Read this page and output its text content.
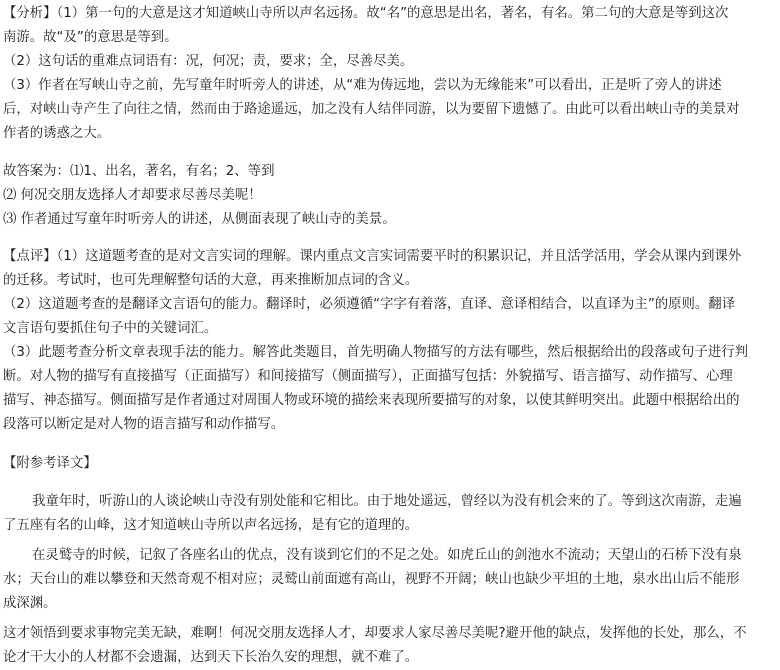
​
【分析】（1）第一句的大意是这才知道峡山寺所以声名远扬。故“名”的意思是出名，著名，有名。第二句的大意是等到这次
南游。故“及”的意思是等到。
（2）这句话的重难点词语有：况，何况；责，要求；全，尽善尽美。
（3）作者在写峡山寺之前，先写童年时听旁人的讲述，从“难为俦远地，尝以为无缘能来”可以看出，正是听了旁人的讲述
后，对峡山寺产生了向往之情，然而由于路途遥远，加之没有人结伴同游，以为要留下遗憾了。由此可以看出峡山寺的美景对
作者的诱惑之大。
故答案为：⑴1、出名，著名，有名；2、等到
⑵ 何况交朋友选择人才却要求尽善尽美呢！
⑶ 作者通过写童年时听旁人的讲述，从侧面表现了峡山寺的美景。
【点评】（1）这道题考查的是对文言实词的理解。课内重点文言实词需要平时的积累识记，并且活学活用，学会从课内到课外
的迁移。考试时，也可先理解整句话的大意，再来推断加点词的含义。
（2）这道题考查的是翻译文言语句的能力。翻译时，必须遵循“字字有着落，直译、意译相结合，以直译为主”的原则。翻译
文言语句要抓住句子中的关键词汇。
（3）此题考查分析文章表现手法的能力。解答此类题目，首先明确人物描写的方法有哪些，然后根据给出的段落或句子进行判
断。对人物的描写有直接描写（正面描写）和间接描写（侧面描写），正面描写包括：外貌描写、语言描写、动作描写、心理
描写、神态描写。侧面描写是作者通过对周围人物或环境的描绘来表现所要描写的对象，以使其鲜明突出。此题中根据给出的
段落可以断定是对人物的语言描写和动作描写。
【附参考译文】
我童年时，听游山的人谈论峡山寺没有别处能和它相比。由于地处遥远，曾经以为没有机会来的了。等到这次南游，走遍
了五座有名的山峰，这才知道峡山寺所以声名远扬，是有它的道理的。
在灵鹫寺的时候，记叙了各座名山的优点，没有谈到它们的不足之处。如虎丘山的剑池水不流动；天望山的石桥下没有泉
水；天台山的难以攀登和天然奇观不相对应；灵鹫山前面遮有高山，视野不开阔；峡山也缺少平坦的土地，泉水出山后不能形
成深渊。
这才领悟到要求事物完美无缺，难啊！何况交朋友选择人才，却要求人家尽善尽美呢?避开他的缺点，发挥他的长处，那么，不
论才干大小的人材都不会遗漏，达到天下长治久安的理想，就不难了。
